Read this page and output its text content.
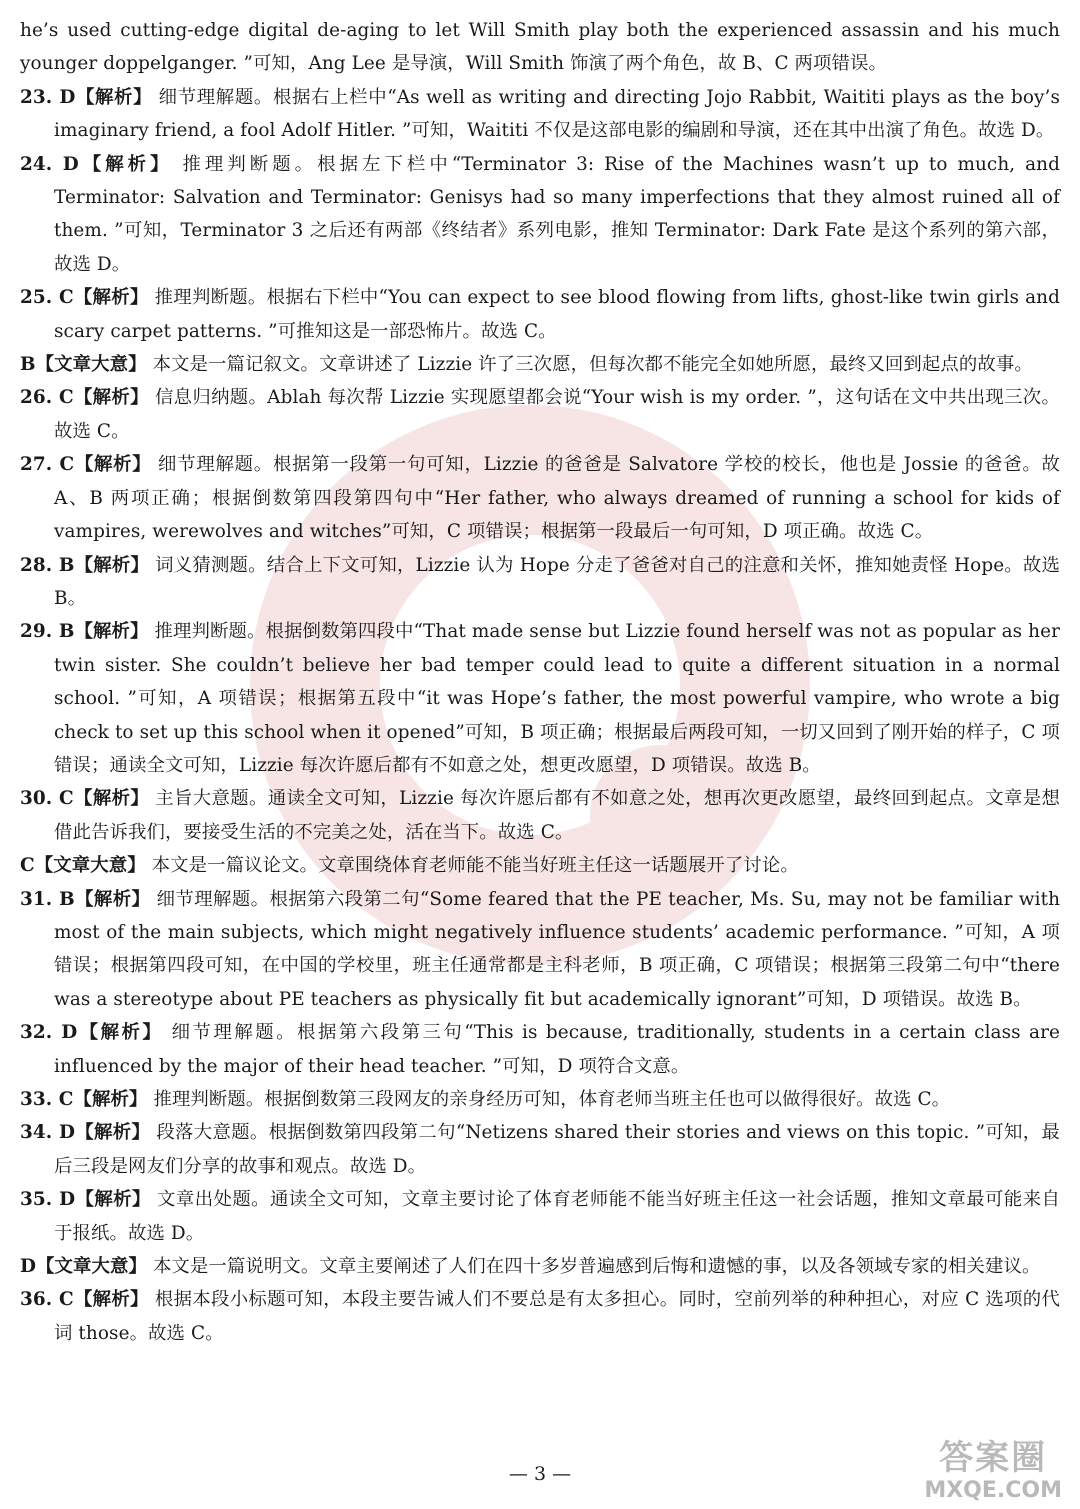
he’s used cutting-edge digital de-aging to let Will Smith play both the experienced assassin and his much younger doppelganger. ”可知，Ang Lee 是导演，Will Smith 饰演了两个角色，故 B、C 两项错误。

23. D【解析】 细节理解题。根据右上栏中“As well as writing and directing Jojo Rabbit, Waititi plays as the boy’s imaginary friend, a fool Adolf Hitler. ”可知，Waititi 不仅是这部电影的编剧和导演，还在其中出演了角色。故选 D。

24. D【解析】 推理判断题。根据左下栏中“Terminator 3: Rise of the Machines wasn’t up to much, and Terminator: Salvation and Terminator: Genisys had so many imperfections that they almost ruined all of them. ”可知，Terminator 3 之后还有两部《终结者》系列电影，推知 Terminator: Dark Fate 是这个系列的第六部，故选 D。

25. C【解析】 推理判断题。根据右下栏中“You can expect to see blood flowing from lifts, ghost-like twin girls and scary carpet patterns. ”可推知这是一部恐怖片。故选 C。

B【文章大意】 本文是一篇记叙文。文章讲述了 Lizzie 许了三次愿，但每次都不能完全如她所愿，最终又回到起点的故事。

26. C【解析】 信息归纳题。Ablah 每次帮 Lizzie 实现愿望都会说“Your wish is my order. ”，这句话在文中共出现三次。故选 C。

27. C【解析】 细节理解题。根据第一段第一句可知，Lizzie 的爸爸是 Salvatore 学校的校长，他也是 Jossie 的爸爸。故 A、B 两项正确；根据倒数第四段第四句中“Her father, who always dreamed of running a school for kids of vampires, werewolves and witches”可知，C 项错误；根据第一段最后一句可知，D 项正确。故选 C。

28. B【解析】 词义猜测题。结合上下文可知，Lizzie 认为 Hope 分走了爸爸对自己的注意和关怀，推知她责怪 Hope。故选 B。

29. B【解析】 推理判断题。根据倒数第四段中“That made sense but Lizzie found herself was not as popular as her twin sister. She couldn’t believe her bad temper could lead to quite a different situation in a normal school. ”可知，A 项错误；根据第五段中“it was Hope’s father, the most powerful vampire, who wrote a big check to set up this school when it opened”可知，B 项正确；根据最后两段可知，一切又回到了刚开始的样子，C 项错误；通读全文可知，Lizzie 每次许愿后都有不如意之处，想更改愿望，D 项错误。故选 B。

30. C【解析】 主旨大意题。通读全文可知，Lizzie 每次许愿后都有不如意之处，想再次更改愿望，最终回到起点。文章是想借此告诉我们，要接受生活的不完美之处，活在当下。故选 C。

C【文章大意】 本文是一篇议论文。文章围绕体育老师能不能当好班主任这一话题展开了讨论。

31. B【解析】 细节理解题。根据第六段第二句“Some feared that the PE teacher, Ms. Su, may not be familiar with most of the main subjects, which might negatively influence students’ academic performance. ”可知，A 项错误；根据第四段可知，在中国的学校里，班主任通常都是主科老师，B 项正确，C 项错误；根据第三段第二句中“there was a stereotype about PE teachers as physically fit but academically ignorant”可知，D 项错误。故选 B。

32. D【解析】 细节理解题。根据第六段第三句“This is because, traditionally, students in a certain class are influenced by the major of their head teacher. ”可知，D 项符合文意。

33. C【解析】 推理判断题。根据倒数第三段网友的亲身经历可知，体育老师当班主任也可以做得很好。故选 C。

34. D【解析】 段落大意题。根据倒数第四段第二句“Netizens shared their stories and views on this topic. ”可知，最后三段是网友们分享的故事和观点。故选 D。

35. D【解析】 文章出处题。通读全文可知，文章主要讨论了体育老师能不能当好班主任这一社会话题，推知文章最可能来自于报纸。故选 D。

D【文章大意】 本文是一篇说明文。文章主要阐述了人们在四十多岁普遍感到后悔和遗憾的事，以及各领域专家的相关建议。

36. C【解析】 根据本段小标题可知，本段主要告诫人们不要总是有太多担心。同时，空前列举的种种担心，对应 C 选项的代词 those。故选 C。

— 3 —	答案圈
MXQE.COM
